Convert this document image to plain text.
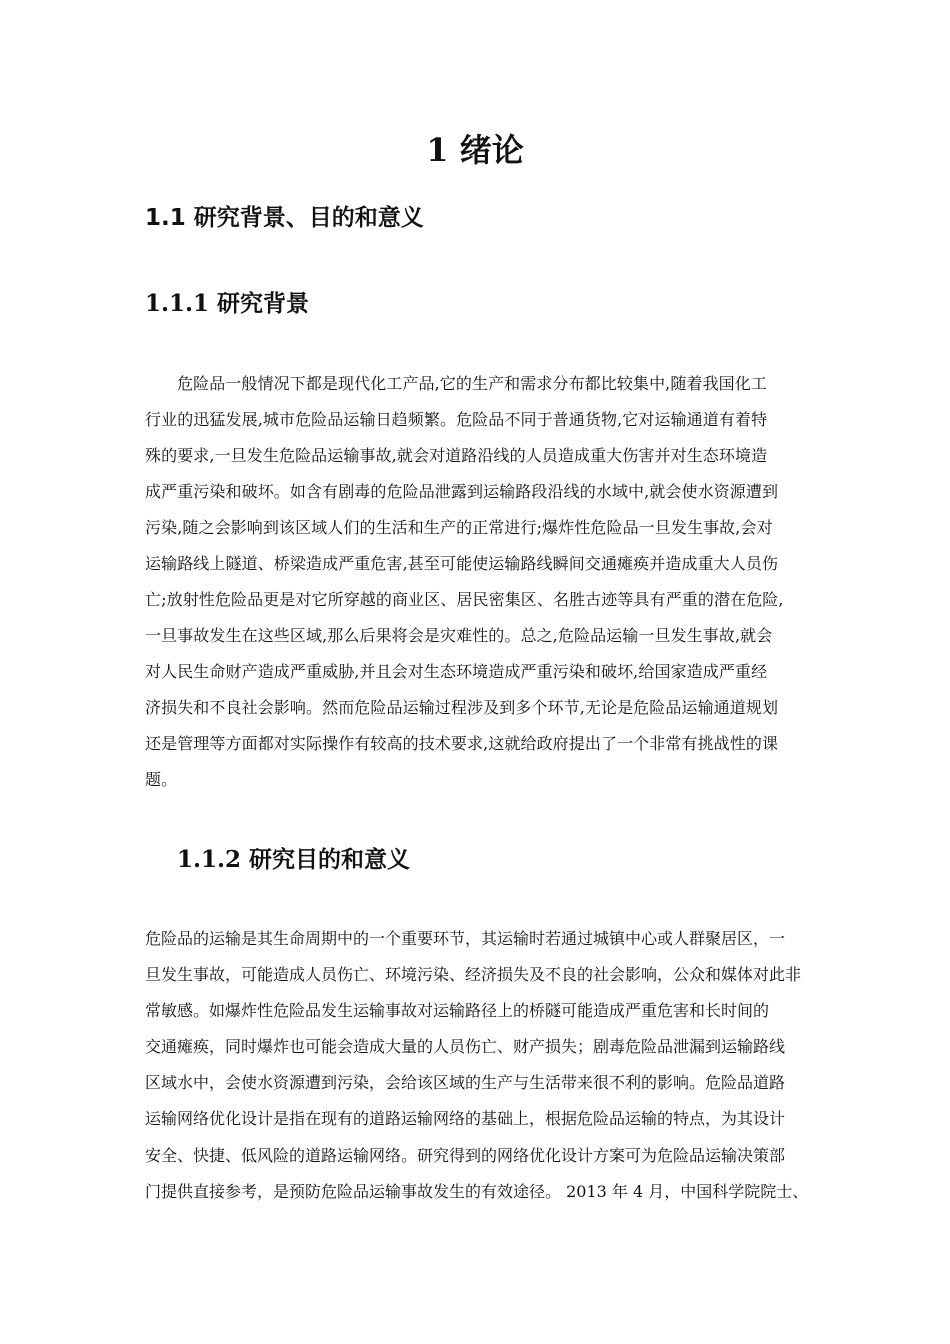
1 绪论
1.1 研究背景、目的和意义
1.1.1 研究背景
危险品一般情况下都是现代化工产品,它的生产和需求分布都比较集中,随着我国化工
行业的迅猛发展,城市危险品运输日趋频繁。危险品不同于普通货物,它对运输通道有着特
殊的要求,一旦发生危险品运输事故,就会对道路沿线的人员造成重大伤害并对生态环境造
成严重污染和破坏。如含有剧毒的危险品泄露到运输路段沿线的水域中,就会使水资源遭到
污染,随之会影响到该区域人们的生活和生产的正常进行;爆炸性危险品一旦发生事故,会对
运输路线上隧道、桥梁造成严重危害,甚至可能使运输路线瞬间交通瘫痪并造成重大人员伤
亡;放射性危险品更是对它所穿越的商业区、居民密集区、名胜古迹等具有严重的潜在危险,
一旦事故发生在这些区域,那么后果将会是灾难性的。总之,危险品运输一旦发生事故,就会
对人民生命财产造成严重威胁,并且会对生态环境造成严重污染和破坏,给国家造成严重经
济损失和不良社会影响。然而危险品运输过程涉及到多个环节,无论是危险品运输通道规划
还是管理等方面都对实际操作有较高的技术要求,这就给政府提出了一个非常有挑战性的课
题。
1.1.2 研究目的和意义
危险品的运输是其生命周期中的一个重要环节，其运输时若通过城镇中心或人群聚居区，一
旦发生事故，可能造成人员伤亡、环境污染、经济损失及不良的社会影响，公众和媒体对此非
常敏感。如爆炸性危险品发生运输事故对运输路径上的桥隧可能造成严重危害和长时间的
交通瘫痪，同时爆炸也可能会造成大量的人员伤亡、财产损失；剧毒危险品泄漏到运输路线
区域水中，会使水资源遭到污染，会给该区域的生产与生活带来很不利的影响。危险品道路
运输网络优化设计是指在现有的道路运输网络的基础上，根据危险品运输的特点，为其设计
安全、快捷、低风险的道路运输网络。研究得到的网络优化设计方案可为危险品运输决策部
门提供直接参考，是预防危险品运输事故发生的有效途径。 2013 年 4 月，中国科学院院士、
